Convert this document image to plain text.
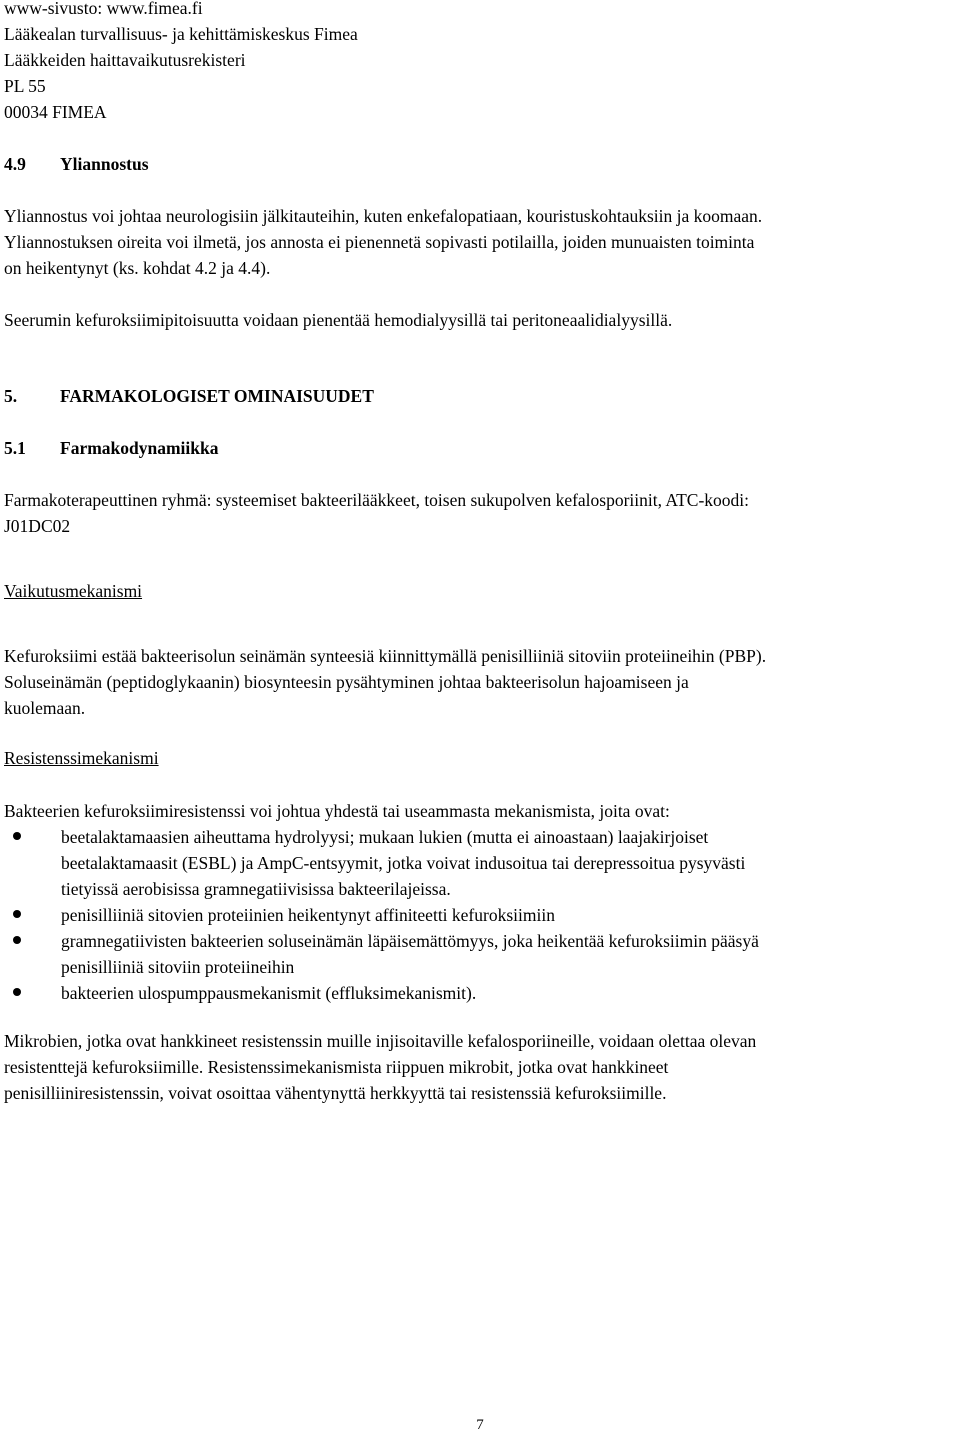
www-sivusto: www.fimea.fi
Lääkealan turvallisuus- ja kehittämiskeskus Fimea
Lääkkeiden haittavaikutusrekisteri
PL 55
00034 FIMEA
4.9 Yliannostus
Yliannostus voi johtaa neurologisiin jälkitauteihin, kuten enkefalopatiaan, kouristuskohtauksiin ja koomaan.
Yliannostuksen oireita voi ilmetä, jos annosta ei pienennetä sopivasti potilailla, joiden munuaisten toiminta
on heikentynyt (ks. kohdat 4.2 ja 4.4).
Seerumin kefuroksiimipitoisuutta voidaan pienentää hemodialyysillä tai peritoneaalidialyysillä.
5. FARMAKOLOGISET OMINAISUUDET
5.1 Farmakodynamiikka
Farmakoterapeuttinen ryhmä: systeemiset bakteerilääkkeet, toisen sukupolven kefalosporiinit, ATC-koodi:
J01DC02
Vaikutusmekanismi
Kefuroksiimi estää bakteerisolun seinämän synteesiä kiinnittymällä penisilliiniä sitoviin proteiineihin (PBP).
Soluseinämän (peptidoglykaanin) biosynteesin pysähtyminen johtaa bakteerisolun hajoamiseen ja
kuolemaan.
Resistenssimekanismi
Bakteerien kefuroksiimiresistenssi voi johtua yhdestä tai useammasta mekanismista, joita ovat:
beetalaktamaasien aiheuttama hydrolyysi; mukaan lukien (mutta ei ainoastaan) laajakirjoiset
beetalaktamaasit (ESBL) ja AmpC-entsyymit, jotka voivat indusoitua tai derepressoitua pysyvästi
tietyissä aerobisissa gramnegatiivisissa bakteerilajeissa.
penisilliiniä sitovien proteiinien heikentynyt affiniteetti kefuroksiimiin
gramnegatiivisten bakteerien soluseinämän läpäisemättömyys, joka heikentää kefuroksiimin pääsyä
penisilliiniä sitoviin proteiineihin
bakteerien ulospumppausmekanismit (effluksimekanismit).
Mikrobien, jotka ovat hankkineet resistenssin muille injisoitaville kefalosporiineille, voidaan olettaa olevan
resistenttejä kefuroksiimille. Resistenssimekanismista riippuen mikrobit, jotka ovat hankkineet
penisilliiniresistenssin, voivat osoittaa vähentynyttä herkkyyttä tai resistenssiä kefuroksiimille.
7
